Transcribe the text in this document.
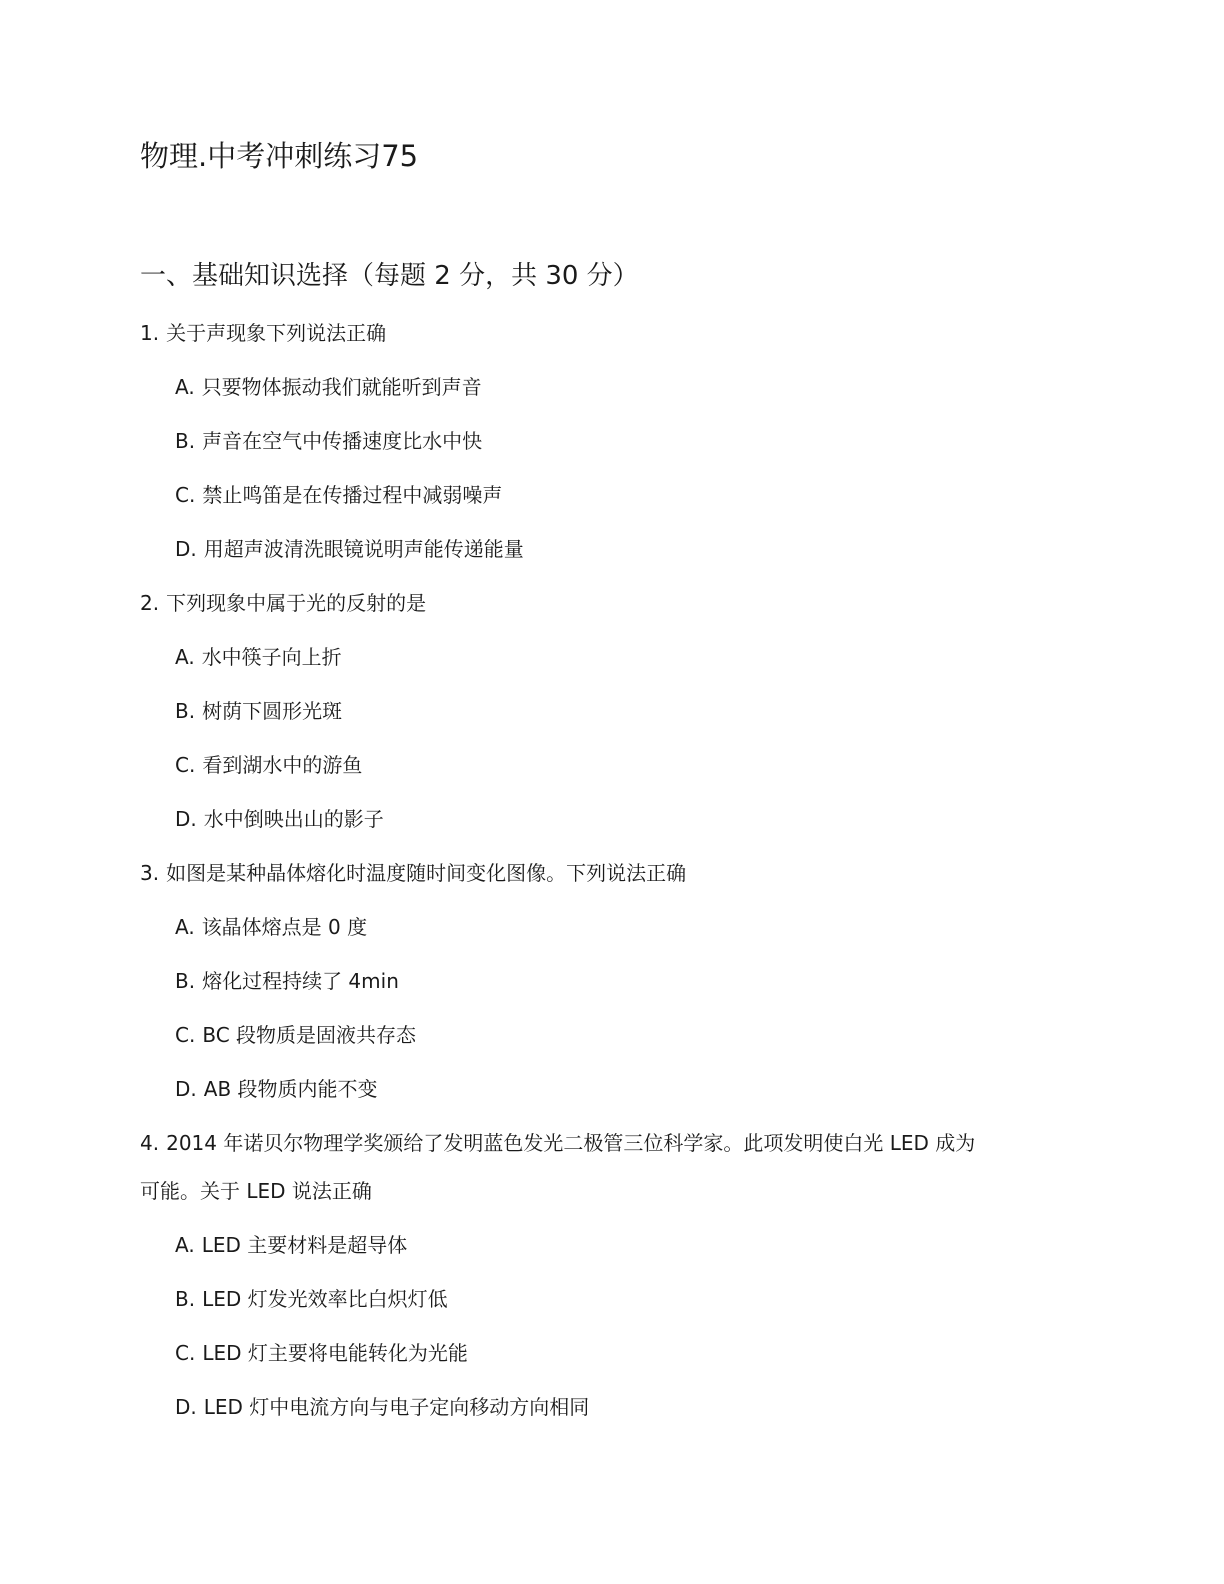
物理.中考冲刺练习75
一、基础知识选择（每题 2 分，共 30 分）
1. 关于声现象下列说法正确
A. 只要物体振动我们就能听到声音
B. 声音在空气中传播速度比水中快
C. 禁止鸣笛是在传播过程中减弱噪声
D. 用超声波清洗眼镜说明声能传递能量
2. 下列现象中属于光的反射的是
A. 水中筷子向上折
B. 树荫下圆形光斑
C. 看到湖水中的游鱼
D. 水中倒映出山的影子
3. 如图是某种晶体熔化时温度随时间变化图像。下列说法正确
A. 该晶体熔点是 0 度
B. 熔化过程持续了 4min
C. BC 段物质是固液共存态
D. AB 段物质内能不变
4. 2014 年诺贝尔物理学奖颁给了发明蓝色发光二极管三位科学家。此项发明使白光 LED 成为
可能。关于 LED 说法正确
A. LED 主要材料是超导体
B. LED 灯发光效率比白炽灯低
C. LED 灯主要将电能转化为光能
D. LED 灯中电流方向与电子定向移动方向相同
